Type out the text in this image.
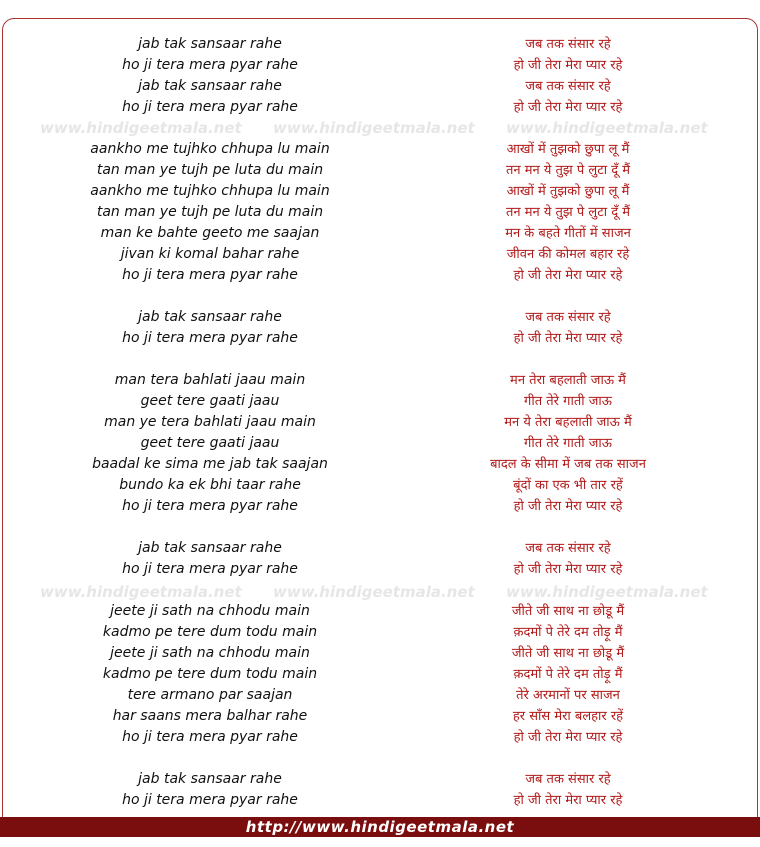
www.hindigeetmala.net www.hindigeetmala.net www.hindigeetmala.net
www.hindigeetmala.net www.hindigeetmala.net www.hindigeetmala.net
jab tak sansaar rahe
ho ji tera mera pyar rahe
jab tak sansaar rahe
ho ji tera mera pyar rahe
aankho me tujhko chhupa lu main
tan man ye tujh pe luta du main
aankho me tujhko chhupa lu main
tan man ye tujh pe luta du main
man ke bahte geeto me saajan
jivan ki komal bahar rahe
ho ji tera mera pyar rahe
jab tak sansaar rahe
ho ji tera mera pyar rahe
man tera bahlati jaau main
geet tere gaati jaau
man ye tera bahlati jaau main
geet tere gaati jaau
baadal ke sima me jab tak saajan
bundo ka ek bhi taar rahe
ho ji tera mera pyar rahe
jab tak sansaar rahe
ho ji tera mera pyar rahe
jeete ji sath na chhodu main
kadmo pe tere dum todu main
jeete ji sath na chhodu main
kadmo pe tere dum todu main
tere armano par saajan
har saans mera balhar rahe
ho ji tera mera pyar rahe
jab tak sansaar rahe
ho ji tera mera pyar rahe
जब तक संसार रहे
हो जी तेरा मेरा प्यार रहे
जब तक संसार रहे
हो जी तेरा मेरा प्यार रहे
आखों में तुझको छुपा लू मैं
तन मन ये तुझ पे लुटा दूँ मैं
आखों में तुझको छुपा लू मैं
तन मन ये तुझ पे लुटा दूँ मैं
मन के बहते गीतों में साजन
जीवन की कोमल बहार रहे
हो जी तेरा मेरा प्यार रहे
जब तक संसार रहे
हो जी तेरा मेरा प्यार रहे
मन तेरा बहलाती जाऊ मैं
गीत तेरे गाती जाऊ
मन ये तेरा बहलाती जाऊ मैं
गीत तेरे गाती जाऊ
बादल के सीमा में जब तक साजन
बूंदों का एक भी तार रहें
हो जी तेरा मेरा प्यार रहे
जब तक संसार रहे
हो जी तेरा मेरा प्यार रहे
जीते जी साथ ना छोडू मैं
क़दमों पे तेरे दम तोड़ू मैं
जीते जी साथ ना छोडू मैं
क़दमों पे तेरे दम तोड़ू मैं
तेरे अरमानों पर साजन
हर साँस मेरा बलहार रहें
हो जी तेरा मेरा प्यार रहे
जब तक संसार रहे
हो जी तेरा मेरा प्यार रहे
http://www.hindigeetmala.net
